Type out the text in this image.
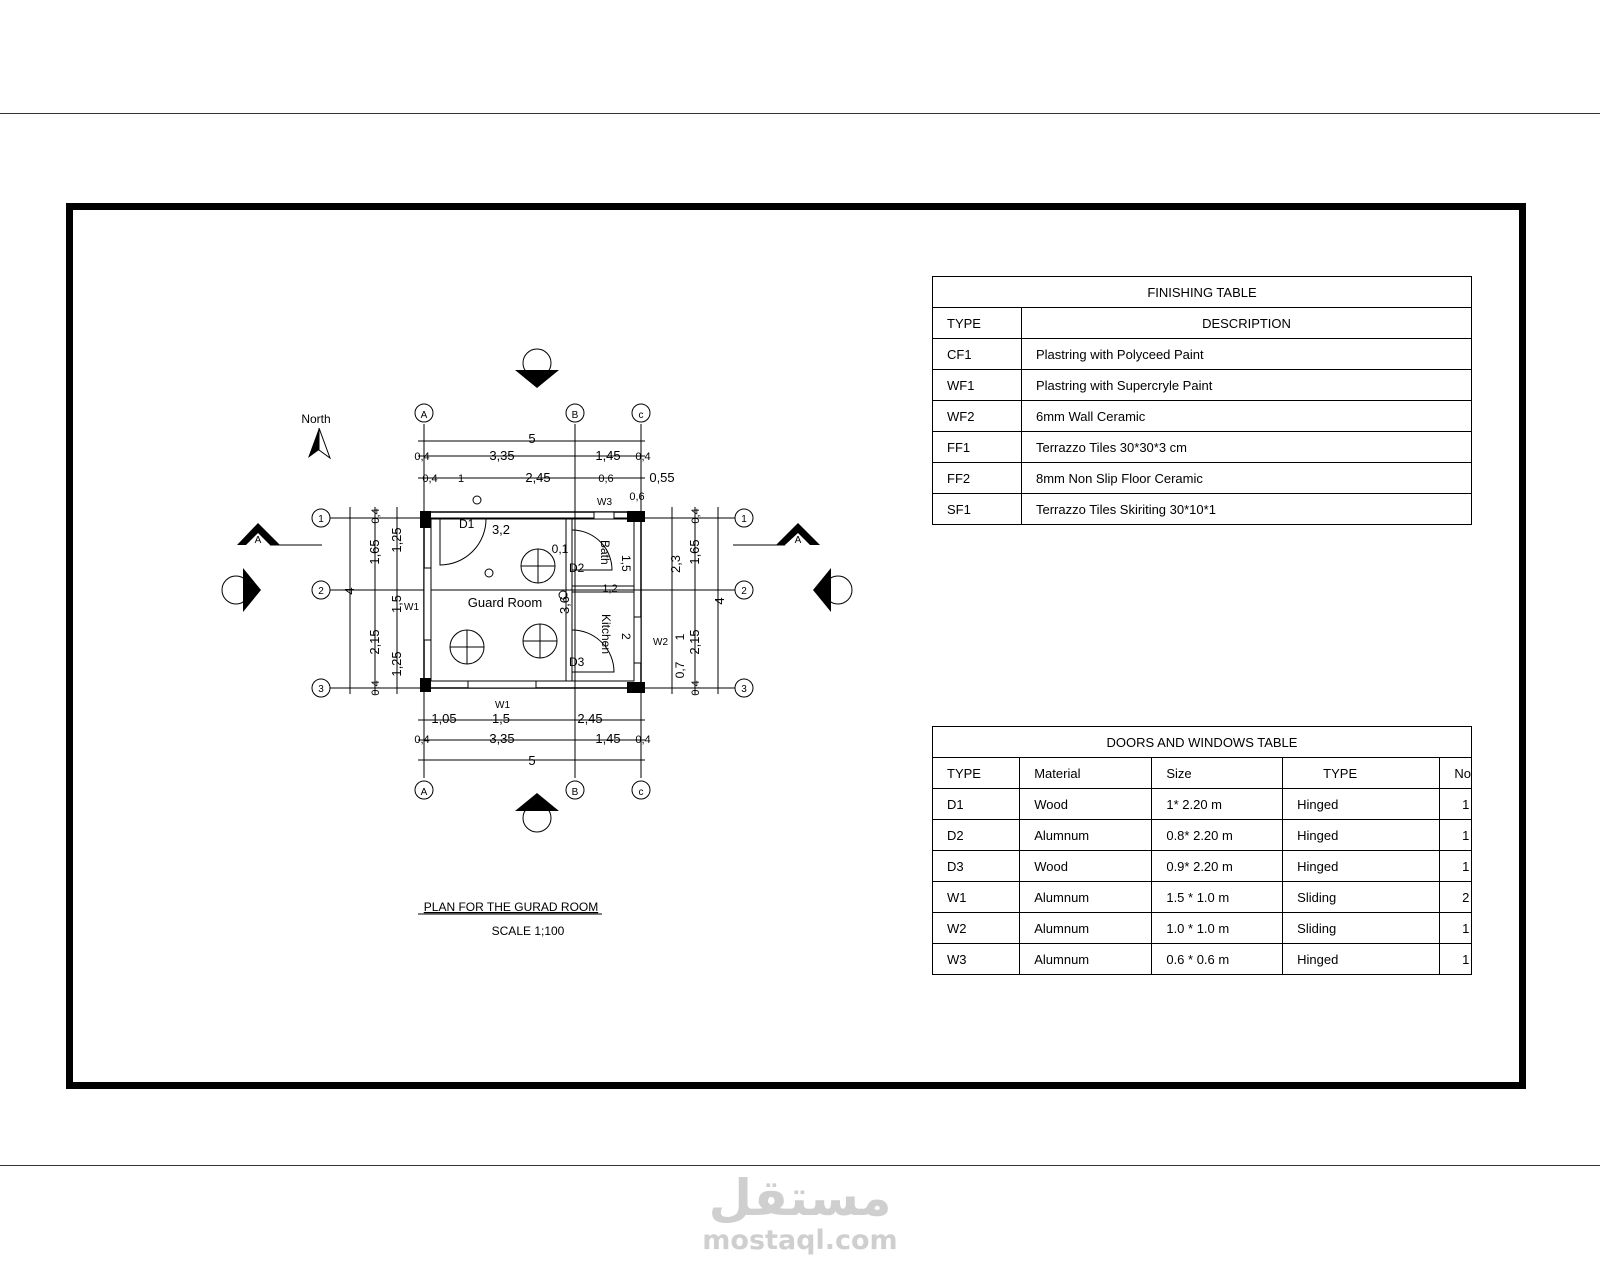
North
Guard Room
Bath
Kitchen
A	B	c
A	B	c
1
2
3
1
2
3
A	A
D1
D2
D3
W1
W1
W2
W3
5
3,35	1,45
0,4	0,4
0,4 1	2,45	0,6	0,55
0,6
3,2
0,1
1,2
1,5
3,6
2
4
1,65
2,15
1,25
1,5
1,25
0,4
0,4
4
1,65
2,15
2,3
1
0,7
0,4
0,4
1,05	1,5	2,45
0,4	3,35	1,45 0,4
5
PLAN FOR THE GURAD ROOM
SCALE 1;100
FINISHING TABLE	
TYPE	DESCRIPTION
CF1	Plastring with Polyceed Paint
WF1	Plastring with Supercryle Paint
WF2	6mm Wall Ceramic
FF1	Terrazzo Tiles 30*30*3 cm
FF2	8mm Non Slip Floor Ceramic
SF1	Terrazzo Tiles Skiriting 30*10*1
DOORS AND WINDOWS TABLE				
TYPE	Material	Size	TYPE	No
D1	Wood	1* 2.20 m	Hinged	1
D2	Alumnum	0.8* 2.20 m	Hinged	1
D3	Wood	0.9* 2.20 m	Hinged	1
W1	Alumnum	1.5 * 1.0 m	Sliding	2
W2	Alumnum	1.0 * 1.0 m	Sliding	1
W3	Alumnum	0.6 * 0.6 m	Hinged	1
مستقل
mostaql.com
